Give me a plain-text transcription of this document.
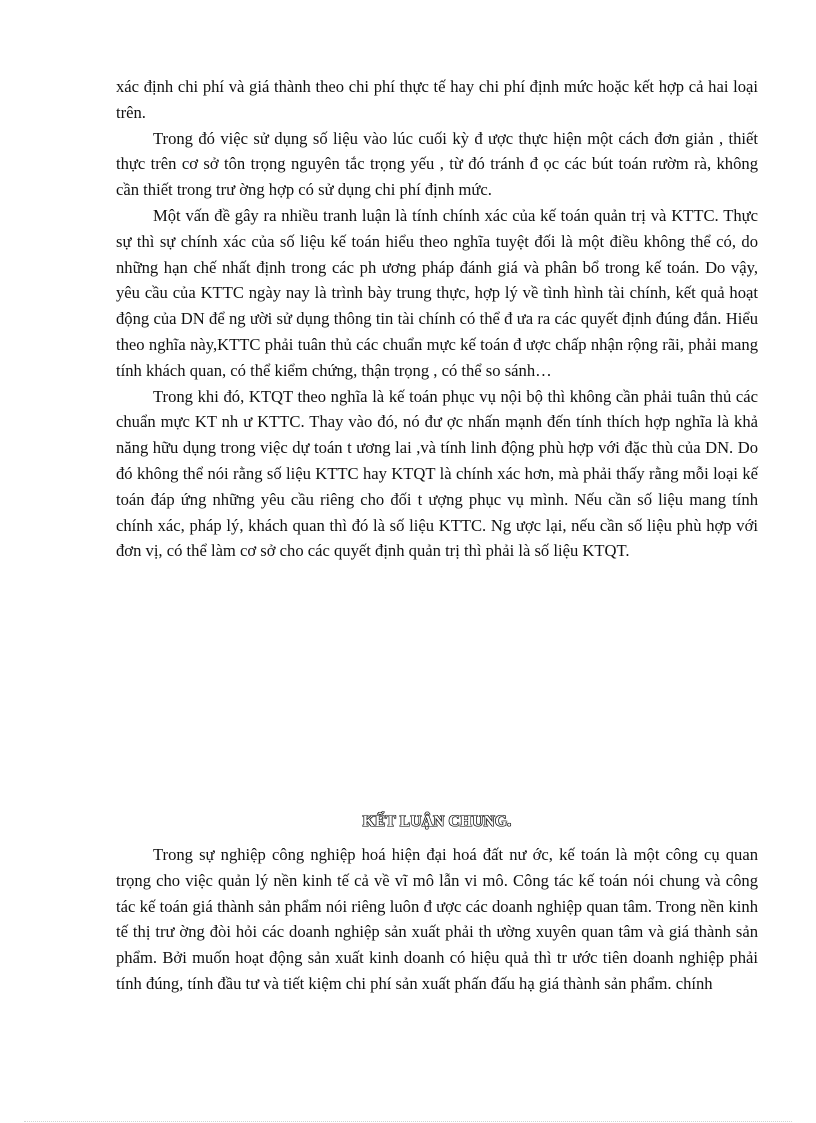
xác định chi phí và giá thành theo chi phí thực tế hay chi phí định mức hoặc kết hợp cả hai loại trên.

Trong đó việc sử dụng số liệu vào lúc cuối kỳ đ ược thực hiện một cách đơn giản , thiết thực trên cơ sở tôn trọng nguyên tắc trọng yếu , từ đó tránh đ ọc các bút toán rườm rà, không cần thiết trong trư ờng hợp có sử dụng chi phí định mức.

Một vấn đề gây ra nhiều tranh luận là tính chính xác của kế toán quản trị và KTTC. Thực sự thì sự chính xác của số liệu kế toán hiểu theo nghĩa tuyệt đối là một điều không thể có, do những hạn chế nhất định trong các ph ương pháp đánh giá và phân bổ trong kế toán. Do vậy, yêu cầu của KTTC ngày nay là trình bày trung thực, hợp lý về tình hình tài chính, kết quả hoạt động của DN để ng ười sử dụng thông tin tài chính có thể đ ưa ra các quyết định đúng đắn. Hiểu theo nghĩa này,KTTC phải tuân thủ các chuẩn mực kế toán đ ược chấp nhận rộng rãi, phải mang tính khách quan, có thể kiểm chứng, thận trọng , có thể so sánh…

Trong khi đó, KTQT theo nghĩa là kế toán phục vụ nội bộ thì không cần phải tuân thủ các chuẩn mực KT nh ư KTTC. Thay vào đó, nó đư ợc nhấn mạnh đến tính thích hợp nghĩa là khả năng hữu dụng trong việc dự toán t ương lai ,và tính linh động phù hợp với đặc thù của DN. Do đó không thể nói rằng số liệu KTTC hay KTQT là chính xác hơn, mà phải thấy rằng mỗi loại kế toán đáp ứng những yêu cầu riêng cho đối t ượng phục vụ mình. Nếu cần số liệu mang tính chính xác, pháp lý, khách quan thì đó là số liệu KTTC. Ng ược lại, nếu cần số liệu phù hợp với đơn vị, có thể làm cơ sở cho các quyết định quản trị thì phải là số liệu KTQT.

KẾT LUẬN CHUNG.

Trong sự nghiệp công nghiệp hoá hiện đại hoá đất nư ớc, kế toán là một công cụ quan trọng cho việc quản lý nền kinh tế cả về vĩ mô lẫn vi mô. Công tác kế toán nói chung và công tác kế toán giá thành sản phẩm nói riêng luôn đ ược các doanh nghiệp quan tâm. Trong nền kinh tế thị trư ờng đòi hỏi các doanh nghiệp sản xuất phải th ường xuyên quan tâm và giá thành sản phẩm. Bởi muốn hoạt động sản xuất kinh doanh có hiệu quả thì tr ước tiên doanh nghiệp phải tính đúng, tính đầu tư và tiết kiệm chi phí sản xuất phấn đấu hạ giá thành sản phẩm. chính
